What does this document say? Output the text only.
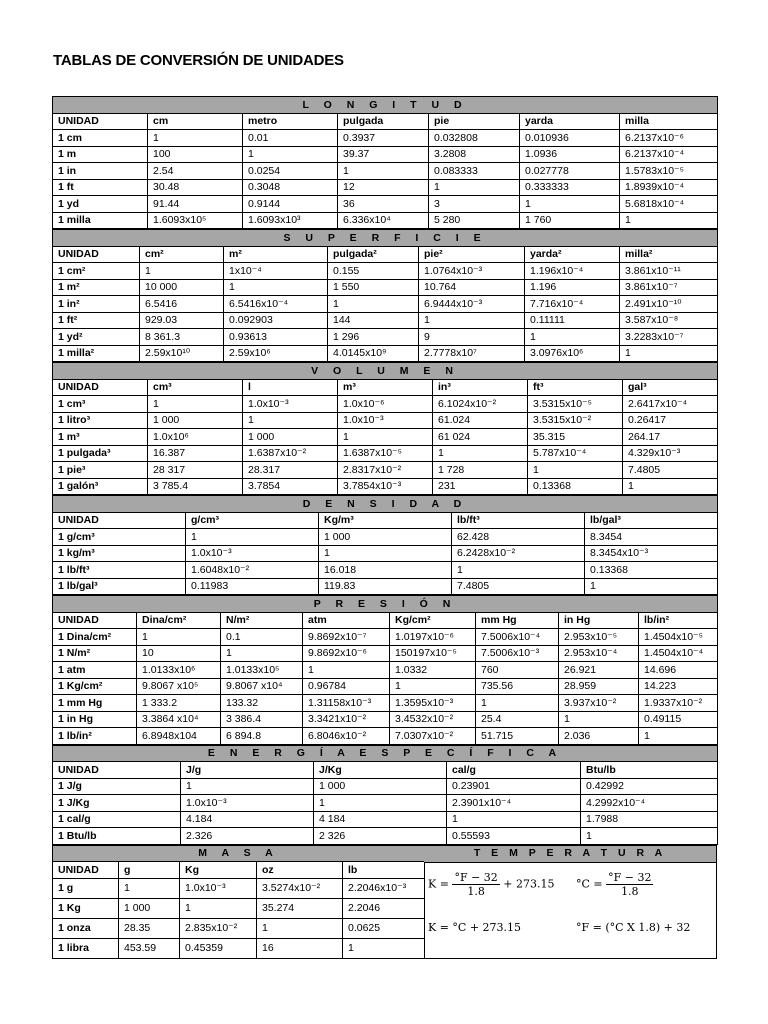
TABLAS DE CONVERSIÓN DE UNIDADES
L O N G I T U D						
UNIDAD	cm	metro	pulgada	pie	yarda	milla
1 cm	1	0.01	0.3937	0.032808	0.010936	6.2137x10⁻⁶
1 m	100	1	39.37	3.2808	1.0936	6.2137x10⁻⁴
1 in	2.54	0.0254	1	0.083333	0.027778	1.5783x10⁻⁵
1 ft	30.48	0.3048	12	1	0.333333	1.8939x10⁻⁴
1 yd	91.44	0.9144	36	3	1	5.6818x10⁻⁴
1 milla	1.6093x10⁵	1.6093x10³	6.336x10⁴	5 280	1 760	1
S U P E R F I C I E						
UNIDAD	cm²	m²	pulgada²	pie²	yarda²	milla²
1 cm²	1	1x10⁻⁴	0.155	1.0764x10⁻³	1.196x10⁻⁴	3.861x10⁻¹¹
1 m²	10 000	1	1 550	10.764	1.196	3.861x10⁻⁷
1 in²	6.5416	6.5416x10⁻⁴	1	6.9444x10⁻³	7.716x10⁻⁴	2.491x10⁻¹⁰
1 ft²	929.03	0.092903	144	1	0.11111	3.587x10⁻⁸
1 yd²	8 361.3	0.93613	1 296	9	1	3.2283x10⁻⁷
1 milla²	2.59x10¹⁰	2.59x10⁶	4.0145x10⁹	2.7778x10⁷	3.0976x10⁶	1
V O L U M E N						
UNIDAD	cm³	l	m³	in³	ft³	gal³
1 cm³	1	1.0x10⁻³	1.0x10⁻⁶	6.1024x10⁻²	3.5315x10⁻⁵	2.6417x10⁻⁴
1 litro³	1 000	1	1.0x10⁻³	61.024	3.5315x10⁻²	0.26417
1 m³	1.0x10⁶	1 000	1	61 024	35.315	264.17
1 pulgada³	16.387	1.6387x10⁻²	1.6387x10⁻⁵	1	5.787x10⁻⁴	4.329x10⁻³
1 pie³	28 317	28.317	2.8317x10⁻²	1 728	1	7.4805
1 galón³	3 785.4	3.7854	3.7854x10⁻³	231	0.13368	1
D E N S I D A D				
UNIDAD	g/cm³	Kg/m³	lb/ft³	lb/gal³
1 g/cm³	1	1 000	62.428	8.3454
1 kg/m³	1.0x10⁻³	1	6.2428x10⁻²	8.3454x10⁻³
1 lb/ft³	1.6048x10⁻²	16.018	1	0.13368
1 lb/gal³	0.11983	119.83	7.4805	1
P R E S I Ó N							
UNIDAD	Dina/cm²	N/m²	atm	Kg/cm²	mm Hg	in Hg	lb/in²
1 Dina/cm²	1	0.1	9.8692x10⁻⁷	1.0197x10⁻⁶	7.5006x10⁻⁴	2.953x10⁻⁵	1.4504x10⁻⁵
1 N/m²	10	1	9.8692x10⁻⁶	150197x10⁻⁵	7.5006x10⁻³	2.953x10⁻⁴	1.4504x10⁻⁴
1 atm	1.0133x10⁶	1.0133x10⁵	1	1.0332	760	26.921	14.696
1 Kg/cm²	9.8067 x10⁵	9.8067 x10⁴	0.96784	1	735.56	28.959	14.223
1 mm Hg	1 333.2	133.32	1.31158x10⁻³	1.3595x10⁻³	1	3.937x10⁻²	1.9337x10⁻²
1 in Hg	3.3864 x10⁴	3 386.4	3.3421x10⁻²	3.4532x10⁻²	25.4	1	0.49115
1 lb/in²	6.8948x104	6 894.8	6.8046x10⁻²	7.0307x10⁻²	51.715	2.036	1
E N E R G Í A E S P E C Í F I C A				
UNIDAD	J/g	J/Kg	cal/g	Btu/lb
1 J/g	1	1 000	0.23901	0.42992
1 J/Kg	1.0x10⁻³	1	2.3901x10⁻⁴	4.2992x10⁻⁴
1 cal/g	4.184	4 184	1	1.7988
1 Btu/lb	2.326	2 326	0.55593	1
M A S A				
UNIDAD	g	Kg	oz	lb
1 g	1	1.0x10⁻³	3.5274x10⁻²	2.2046x10⁻³
1 Kg	1 000	1	35.274	2.2046
1 onza	28.35	2.835x10⁻²	1	0.0625
1 libra	453.59	0.45359	16	1
T E M P E R A T U R A
$K = \frac{^\circ F - 32}{1.8} + 273.15$ $^\circ C = \frac{^\circ F - 32}{1.8}$
K = °C + 273.15	°F = (°C X 1.8) + 32
